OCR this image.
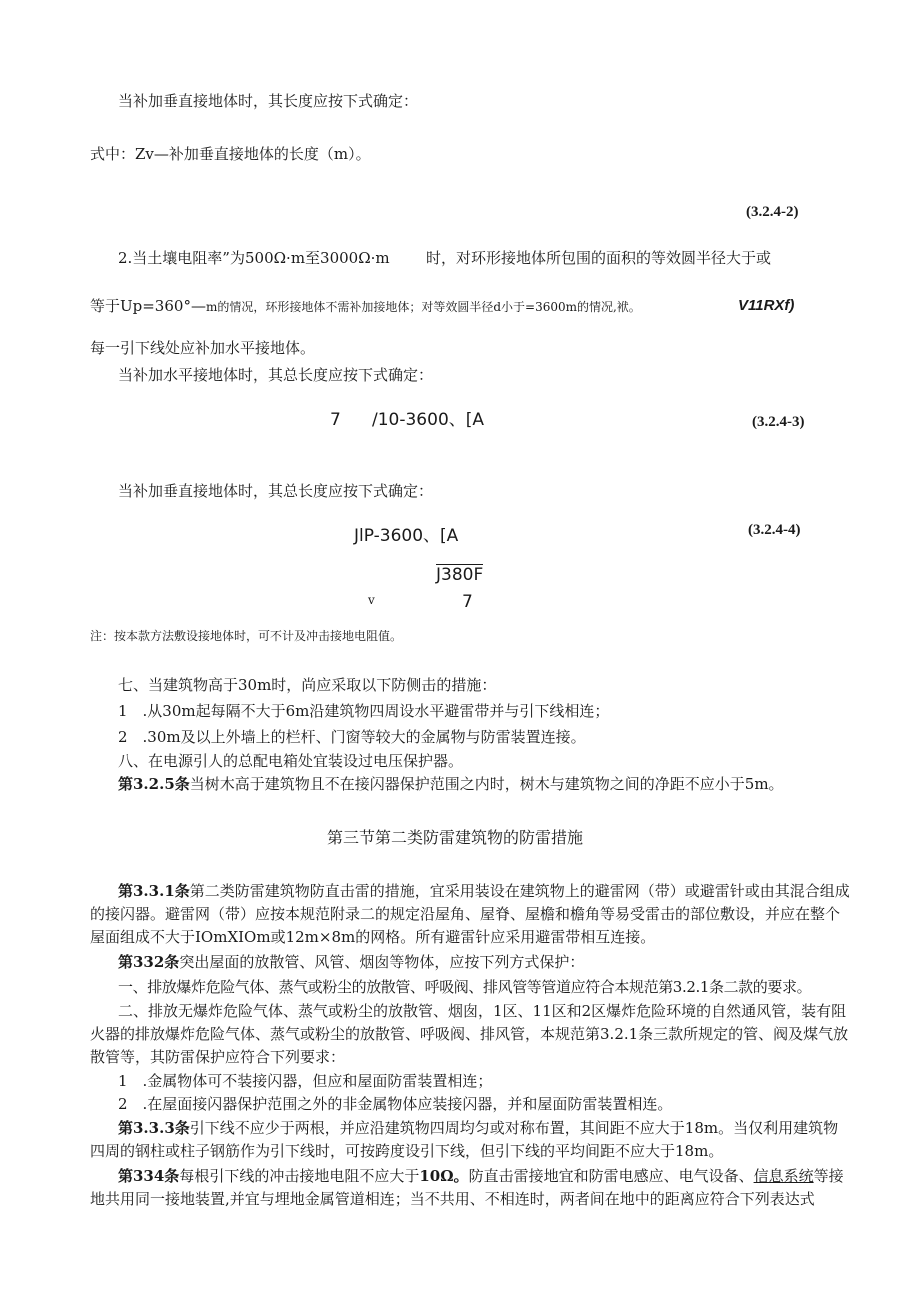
当补加垂直接地体时，其长度应按下式确定：
式中：Zv—补加垂直接地体的长度（m）。
(3.2.4-2)
2.当土壤电阻率”为500Ω·m至3000Ω·m 时，对环形接地体所包围的面积的等效圆半径大于或
等于Up=360°—m的情况，环形接地体不需补加接地体；对等效圆半径d小于=3600m的情况,袱。	V11RXf)
每一引下线处应补加水平接地体。
当补加水平接地体时，其总长度应按下式确定：
7 /10-3600、[A	(3.2.4-3)
当补加垂直接地体时，其总长度应按下式确定：
JlP-3600、[A	(3.2.4-4)
J380F
v	7
注：按本款方法敷设接地体时，可不计及冲击接地电阻值。
七、当建筑物高于30m时，尚应采取以下防侧击的措施：
1　.从30m起每隔不大于6m沿建筑物四周设水平避雷带并与引下线相连；
2　.30m及以上外墙上的栏杆、门窗等较大的金属物与防雷装置连接。
八、在电源引人的总配电箱处宜装设过电压保护器。
第3.2.5条当树木高于建筑物且不在接闪器保护范围之内时，树木与建筑物之间的净距不应小于5m。
第三节第二类防雷建筑物的防雷措施
第3.3.1条第二类防雷建筑物防直击雷的措施，宜采用装设在建筑物上的避雷网（带）或避雷针或由其混合组成的接闪器。避雷网（带）应按本规范附录二的规定沿屋角、屋脊、屋檐和檐角等易受雷击的部位敷设，并应在整个屋面组成不大于IOmXIOm或12m×8m的网格。所有避雷针应采用避雷带相互连接。
第332条突出屋面的放散管、风管、烟囱等物体，应按下列方式保护：
一、排放爆炸危险气体、蒸气或粉尘的放散管、呼吸阀、排风管等管道应符合本规范第3.2.1条二款的要求。
二、排放无爆炸危险气体、蒸气或粉尘的放散管、烟囱，1区、11区和2区爆炸危险环境的自然通风管，装有阻火器的排放爆炸危险气体、蒸气或粉尘的放散管、呼吸阀、排风管，本规范第3.2.1条三款所规定的管、阀及煤气放散管等，其防雷保护应符合下列要求：
1　.金属物体可不装接闪器，但应和屋面防雷装置相连；
2　.在屋面接闪器保护范围之外的非金属物体应装接闪器，并和屋面防雷装置相连。
第3.3.3条引下线不应少于两根，并应沿建筑物四周均匀或对称布置，其间距不应大于18m。当仅利用建筑物四周的钢柱或柱子钢筋作为引下线时，可按跨度设引下线，但引下线的平均间距不应大于18m。
第334条每根引下线的冲击接地电阻不应大于10Ω。防直击雷接地宜和防雷电感应、电气设备、信息系统等接地共用同一接地装置,并宜与埋地金属管道相连；当不共用、不相连时，两者间在地中的距离应符合下列表达式
